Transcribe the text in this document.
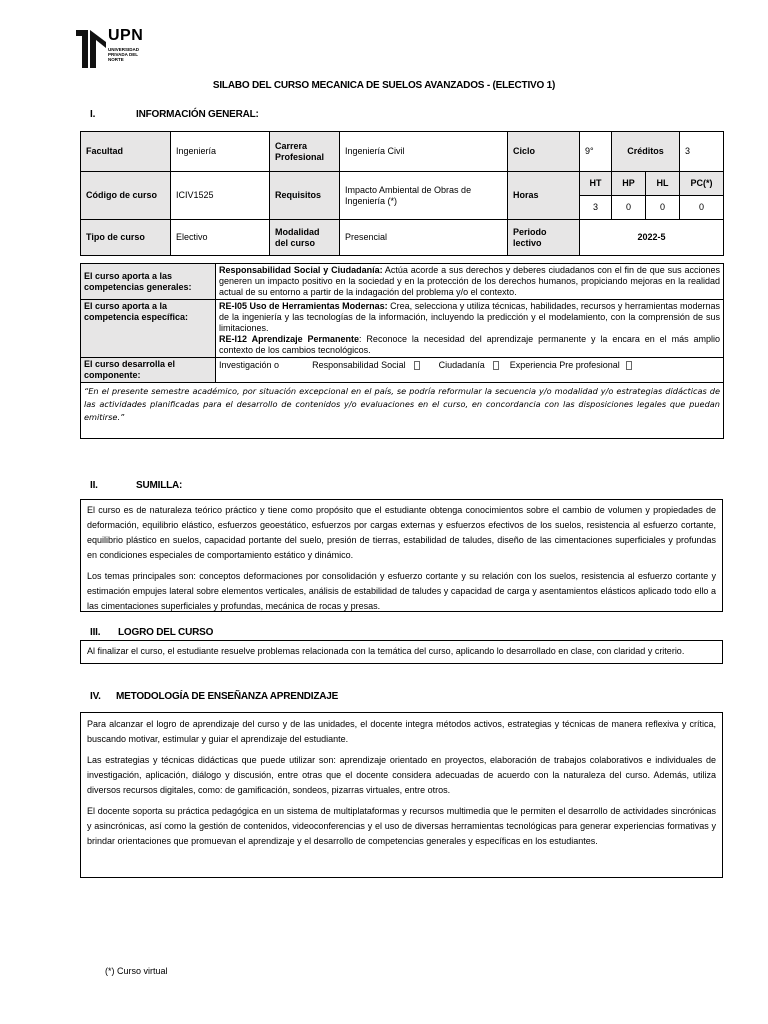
UPN
UNIVERSIDAD PRIVADA DEL NORTE
SILABO DEL CURSO MECANICA DE SUELOS AVANZADOS - (ELECTIVO 1)
I.	INFORMACIÓN GENERAL:
Facultad	Ingeniería	Carrera Profesional	Ingeniería Civil	Ciclo	9°	Créditos		3
Código de curso	ICIV1525	Requisitos	Impacto Ambiental de Obras de Ingeniería (*)	Horas	HT	HP	HL	PC(*)
					3	0	0	0
Tipo de curso	Electivo	Modalidad del curso	Presencial	Periodo lectivo	2022-5			
El curso aporta a las competencias generales:	Responsabilidad Social y Ciudadanía: Actúa acorde a sus derechos y deberes ciudadanos con el fin de que sus acciones generen un impacto positivo en la sociedad y en la protección de los derechos humanos, propiciando mejoras en la realidad actual de su entorno a partir de la indagación del problema y/o el contexto.
El curso aporta a la competencia específica:	RE-I05 Uso de Herramientas Modernas: Crea, selecciona y utiliza técnicas, habilidades, recursos y herramientas modernas de la ingeniería y las tecnologías de la información, incluyendo la predicción y el modelamiento, con la comprensión de sus limitaciones.
RE-I12 Aprendizaje Permanente: Reconoce la necesidad del aprendizaje permanente y la encara en el más amplio contexto de los cambios tecnológicos.

El curso desarrolla el componente:	Investigación o Responsabilidad Social Ciudadanía Experiencia Pre profesional

“En el presente semestre académico, por situación excepcional en el país, se podría reformular la secuencia y/o modalidad y/o estrategias didácticas de las actividades planificadas para el desarrollo de contenidos y/o evaluaciones en el curso, en concordancia con las disposiciones legales que puedan emitirse.”	
II.	SUMILLA:

El curso es de naturaleza teórico práctico y tiene como propósito que el estudiante obtenga conocimientos sobre el cambio de volumen y propiedades de deformación, equilibrio elástico, esfuerzos geoestático, esfuerzos por cargas externas y esfuerzos efectivos de los suelos, resistencia al esfuerzo cortante, equilibrio plástico en suelos, capacidad portante del suelo, presión de tierras, estabilidad de taludes, diseño de las cimentaciones superficiales y profundas en condiciones especiales de comportamiento estático y dinámico.

Los temas principales son: conceptos deformaciones por consolidación y esfuerzo cortante y su relación con los suelos, resistencia al esfuerzo cortante y estimación empujes lateral sobre elementos verticales, análisis de estabilidad de taludes y capacidad de carga y asentamientos elásticos aplicado todo ello a las cimentaciones superficiales y profundas, mecánica de rocas y presas.

III. LOGRO DEL CURSO

Al finalizar el curso, el estudiante resuelve problemas relacionada con la temática del curso, aplicando lo desarrollado en clase, con claridad y criterio.

IV. METODOLOGÍA DE ENSEÑANZA APRENDIZAJE

Para alcanzar el logro de aprendizaje del curso y de las unidades, el docente integra métodos activos, estrategias y técnicas de manera reflexiva y crítica, buscando motivar, estimular y guiar el aprendizaje del estudiante.

Las estrategias y técnicas didácticas que puede utilizar son: aprendizaje orientado en proyectos, elaboración de trabajos colaborativos e individuales de investigación, aplicación, diálogo y discusión, entre otras que el docente considera adecuadas de acuerdo con la naturaleza del curso. Además, utiliza diversos recursos digitales, como: de gamificación, sondeos, pizarras virtuales, entre otros.

El docente soporta su práctica pedagógica en un sistema de multiplataformas y recursos multimedia que le permiten el desarrollo de actividades sincrónicas y asincrónicas, así como la gestión de contenidos, videoconferencias y el uso de diversas herramientas tecnológicas para generar experiencias formativas y brindar orientaciones que promuevan el aprendizaje y el desarrollo de competencias generales y específicas en los estudiantes.

(*) Curso virtual
